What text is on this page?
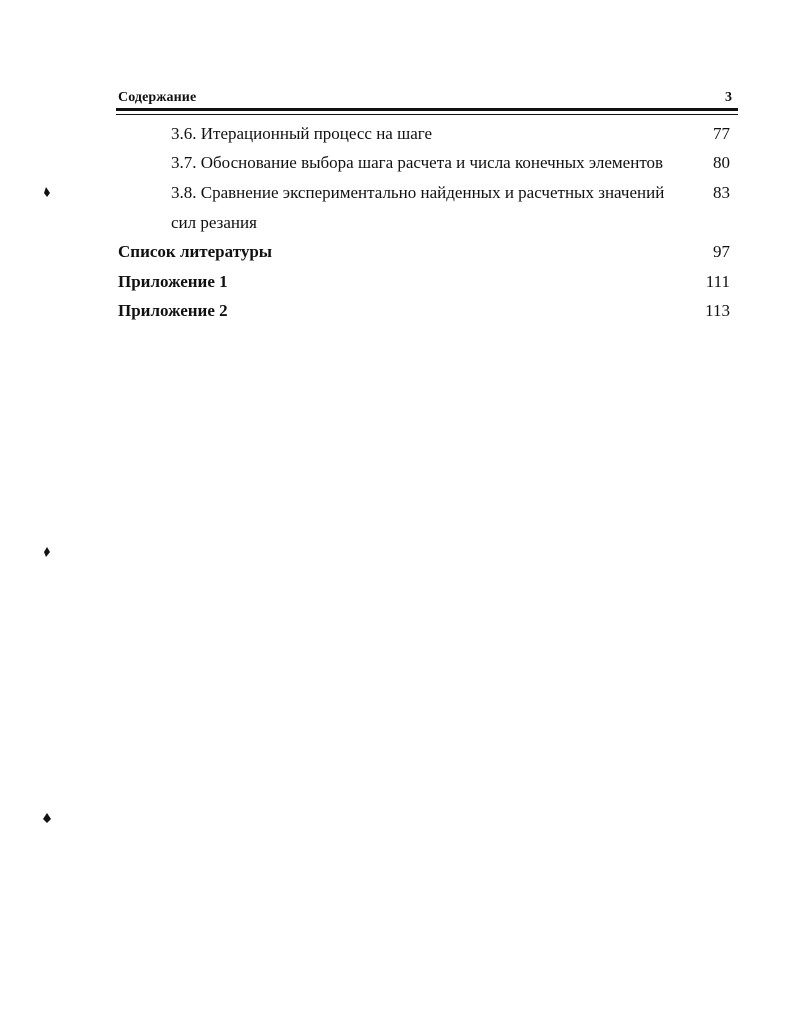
Содержание	3
3.6. Итерационный процесс на шаге	77
3.7. Обоснование выбора шага расчета и числа конечных элементов	80
3.8. Сравнение экспериментально найденных и расчетных значений	83
сил резания
Список литературы	97
Приложение 1	111
Приложение 2	113
